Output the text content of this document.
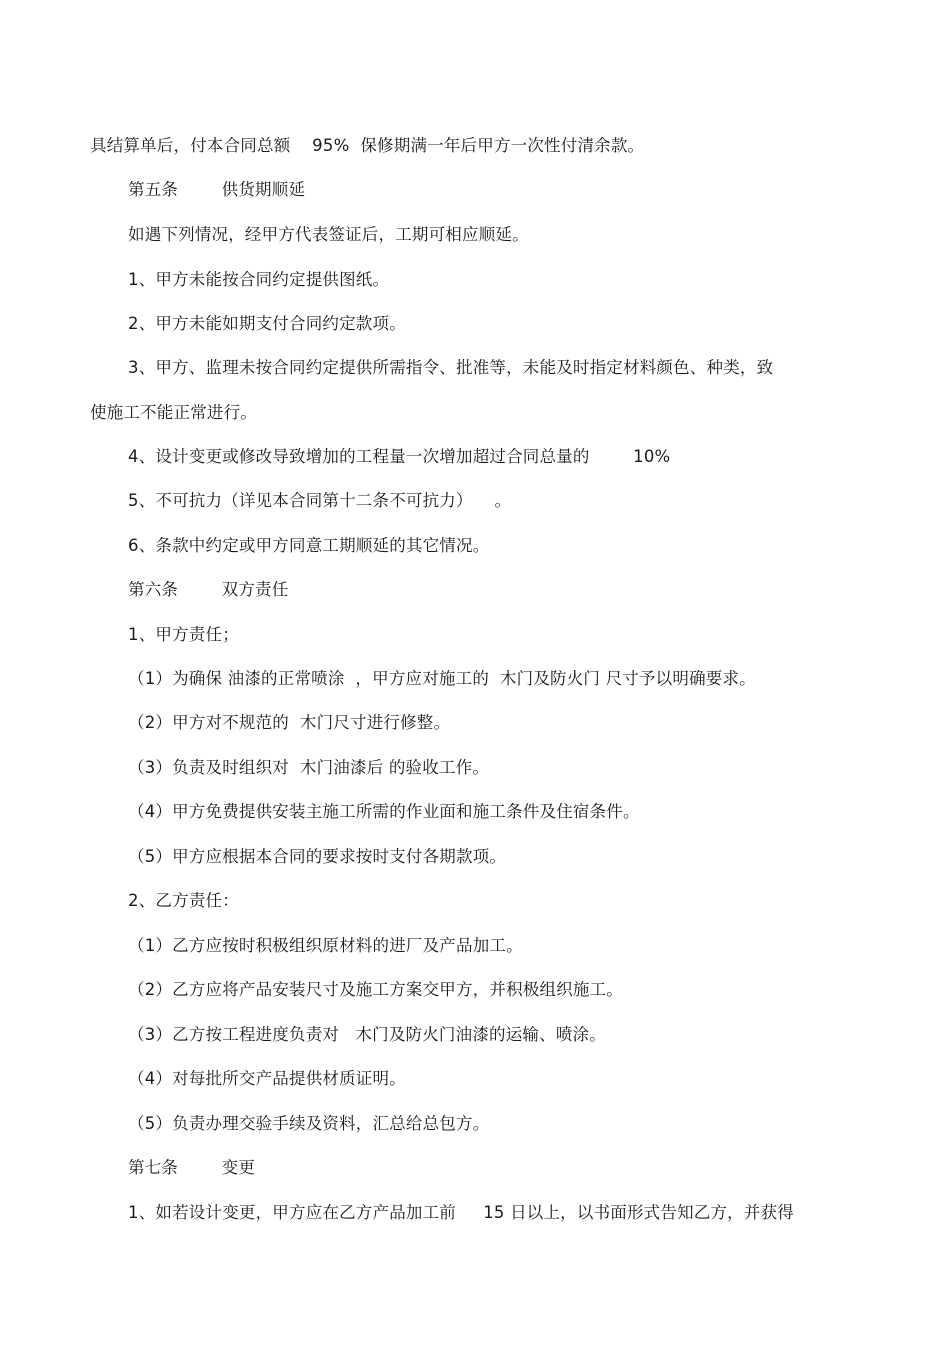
具结算单后，付本合同总额    95%  保修期满一年后甲方一次性付清余款。
第五条        供货期顺延
如遇下列情况，经甲方代表签证后，工期可相应顺延。
1、甲方未能按合同约定提供图纸。
2、甲方未能如期支付合同约定款项。
3、甲方、监理未按合同约定提供所需指令、批准等，未能及时指定材料颜色、种类，致
使施工不能正常进行。
4、设计变更或修改导致增加的工程量一次增加超过合同总量的        10%
5、不可抗力（详见本合同第十二条不可抗力）    。
6、条款中约定或甲方同意工期顺延的其它情况。
第六条        双方责任
1、甲方责任；
（1）为确保 油漆的正常喷涂  ，甲方应对施工的  木门及防火门 尺寸予以明确要求。
（2）甲方对不规范的  木门尺寸进行修整。
（3）负责及时组织对  木门油漆后 的验收工作。
（4）甲方免费提供安装主施工所需的作业面和施工条件及住宿条件。
（5）甲方应根据本合同的要求按时支付各期款项。
2、乙方责任：
（1）乙方应按时积极组织原材料的进厂及产品加工。
（2）乙方应将产品安装尺寸及施工方案交甲方，并积极组织施工。
（3）乙方按工程进度负责对   木门及防火门油漆的运输、喷涂。
（4）对每批所交产品提供材质证明。
（5）负责办理交验手续及资料，汇总给总包方。
第七条        变更
1、如若设计变更，甲方应在乙方产品加工前     15 日以上，以书面形式告知乙方，并获得
